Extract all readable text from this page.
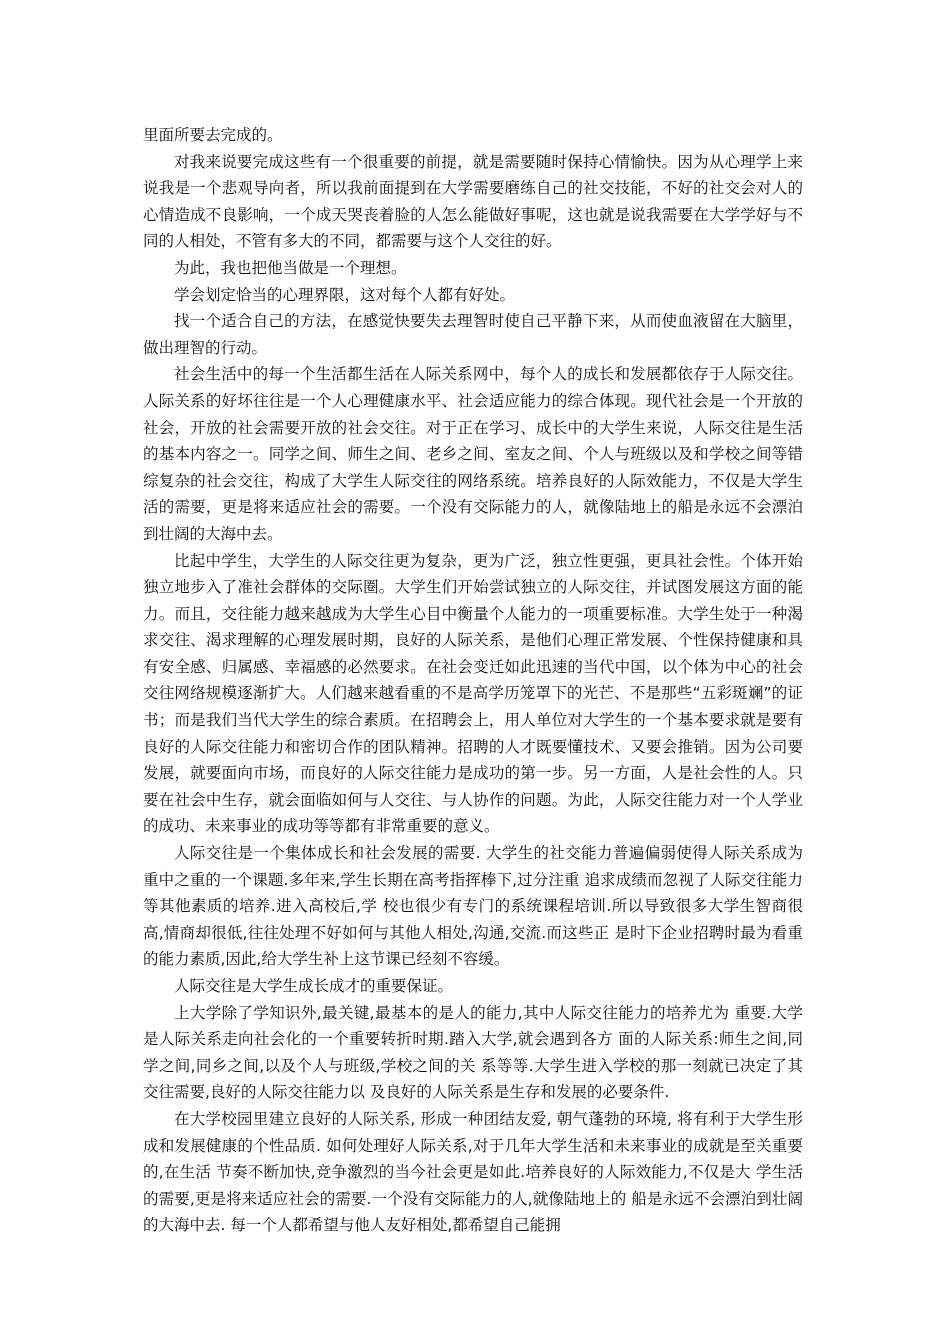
里面所要去完成的。

对我来说要完成这些有一个很重要的前提，就是需要随时保持心情愉快。因为从心理学上来说我是一个悲观导向者，所以我前面提到在大学需要磨练自己的社交技能，不好的社交会对人的心情造成不良影响，一个成天哭丧着脸的人怎么能做好事呢，这也就是说我需要在大学学好与不同的人相处，不管有多大的不同，都需要与这个人交往的好。

为此，我也把他当做是一个理想。

学会划定恰当的心理界限，这对每个人都有好处。

找一个适合自己的方法，在感觉快要失去理智时使自己平静下来，从而使血液留在大脑里，做出理智的行动。

社会生活中的每一个生活都生活在人际关系网中，每个人的成长和发展都依存于人际交往。人际关系的好坏往往是一个人心理健康水平、社会适应能力的综合体现。现代社会是一个开放的社会，开放的社会需要开放的社会交往。对于正在学习、成长中的大学生来说，人际交往是生活的基本内容之一。同学之间、师生之间、老乡之间、室友之间、个人与班级以及和学校之间等错综复杂的社会交往，构成了大学生人际交往的网络系统。培养良好的人际效能力，不仅是大学生活的需要，更是将来适应社会的需要。一个没有交际能力的人，就像陆地上的船是永远不会漂泊到壮阔的大海中去。

比起中学生，大学生的人际交往更为复杂，更为广泛，独立性更强，更具社会性。个体开始独立地步入了准社会群体的交际圈。大学生们开始尝试独立的人际交往，并试图发展这方面的能力。而且，交往能力越来越成为大学生心目中衡量个人能力的一项重要标准。大学生处于一种渴求交往、渴求理解的心理发展时期，良好的人际关系，是他们心理正常发展、个性保持健康和具有安全感、归属感、幸福感的必然要求。在社会变迁如此迅速的当代中国，以个体为中心的社会交往网络规模逐渐扩大。人们越来越看重的不是高学历笼罩下的光芒、不是那些“五彩斑斓”的证书；而是我们当代大学生的综合素质。在招聘会上，用人单位对大学生的一个基本要求就是要有良好的人际交往能力和密切合作的团队精神。招聘的人才既要懂技术、又要会推销。因为公司要发展，就要面向市场，而良好的人际交往能力是成功的第一步。另一方面，人是社会性的人。只要在社会中生存，就会面临如何与人交往、与人协作的问题。为此，人际交往能力对一个人学业的成功、未来事业的成功等等都有非常重要的意义。

人际交往是一个集体成长和社会发展的需要. 大学生的社交能力普遍偏弱使得人际关系成为 重中之重的一个课题.多年来,学生长期在高考指挥棒下,过分注重 追求成绩而忽视了人际交往能力等其他素质的培养.进入高校后,学 校也很少有专门的系统课程培训.所以导致很多大学生智商很高,情商却很低,往往处理不好如何与其他人相处,沟通,交流.而这些正 是时下企业招聘时最为看重的能力素质,因此,给大学生补上这节课已经刻不容缓。

人际交往是大学生成长成才的重要保证。

上大学除了学知识外,最关键,最基本的是人的能力,其中人际交往能力的培养尤为 重要.大学是人际关系走向社会化的一个重要转折时期.踏入大学,就会遇到各方 面的人际关系:师生之间,同学之间,同乡之间,以及个人与班级,学校之间的关 系等等.大学生进入学校的那一刻就已决定了其交往需要,良好的人际交往能力以 及良好的人际关系是生存和发展的必要条件.

在大学校园里建立良好的人际关系, 形成一种团结友爱, 朝气蓬勃的环境, 将有利于大学生形成和发展健康的个性品质. 如何处理好人际关系,对于几年大学生活和未来事业的成就是至关重要的,在生活 节奏不断加快,竞争激烈的当今社会更是如此.培养良好的人际效能力,不仅是大 学生活的需要,更是将来适应社会的需要.一个没有交际能力的人,就像陆地上的 船是永远不会漂泊到壮阔的大海中去. 每一个人都希望与他人友好相处,都希望自己能拥
